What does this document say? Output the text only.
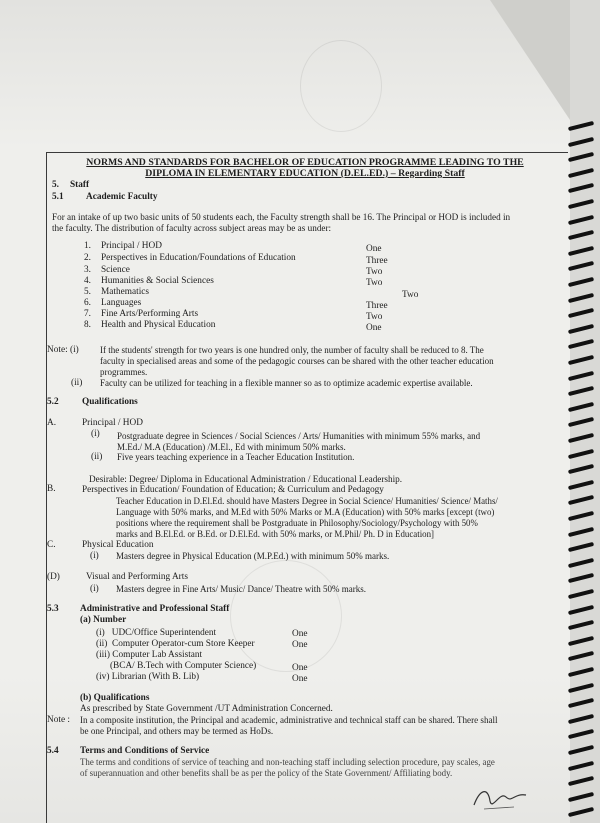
NORMS AND STANDARDS FOR BACHELOR OF EDUCATION PROGRAMME LEADING TO THE
DIPLOMA IN ELEMENTARY EDUCATION (D.EL.ED.) – Regarding Staff
5. Staff
5.1 Academic Faculty
For an intake of up two basic units of 50 students each, the Faculty strength shall be 16. The Principal or HOD is included in
the faculty. The distribution of faculty across subject areas may be as under:
1. Principal / HOD	One
2. Perspectives in Education/Foundations of Education	Three
3. Science	Two
4. Humanities & Social Sciences	Two
5. Mathematics	Two
6. Languages	Three
7. Fine Arts/Performing Arts	Two
8. Health and Physical Education	One
Note: (i) If the students' strength for two years is one hundred only, the number of faculty shall be reduced to 8. The
faculty in specialised areas and some of the pedagogic courses can be shared with the other teacher education
programmes.
(ii) Faculty can be utilized for teaching in a flexible manner so as to optimize academic expertise available.
5.2	Qualifications
A.	Principal / HOD
(i) Postgraduate degree in Sciences / Social Sciences / Arts/ Humanities with minimum 55% marks, and
M.Ed./ M.A (Education) /M.El., Ed with minimum 50% marks.
(ii) Five years teaching experience in a Teacher Education Institution.
Desirable: Degree/ Diploma in Educational Administration / Educational Leadership.
B.	Perspectives in Education/ Foundation of Education; & Curriculum and Pedagogy
Teacher Education in D.El.Ed. should have Masters Degree in Social Science/ Humanities/ Science/ Maths/
Language with 50% marks, and M.Ed with 50% Marks or M.A (Education) with 50% marks [except (two)
positions where the requirement shall be Postgraduate in Philosophy/Sociology/Psychology with 50%
marks and B.El.Ed. or B.Ed. or D.El.Ed. with 50% marks, or M.Phil/ Ph. D in Education]
C.	Physical Education
(i) Masters degree in Physical Education (M.P.Ed.) with minimum 50% marks.
(D)	Visual and Performing Arts
(i) Masters degree in Fine Arts/ Music/ Dance/ Theatre with 50% marks.
5.3 Administrative and Professional Staff
(a) Number
(i)   UDC/Office Superintendent	One
(ii)  Computer Operator-cum Store Keeper	One
(iii) Computer Lab Assistant
(BCA/ B.Tech with Computer Science)	One
(iv) Librarian (With B. Lib)	One
(b) Qualifications
As prescribed by State Government /UT Administration Concerned.
Note : In a composite institution, the Principal and academic, administrative and technical staff can be shared. There shall
be one Principal, and others may be termed as HoDs.
5.4 Terms and Conditions of Service
The terms and conditions of service of teaching and non-teaching staff including selection procedure, pay scales, age
of superannuation and other benefits shall be as per the policy of the State Government/ Affiliating body.
